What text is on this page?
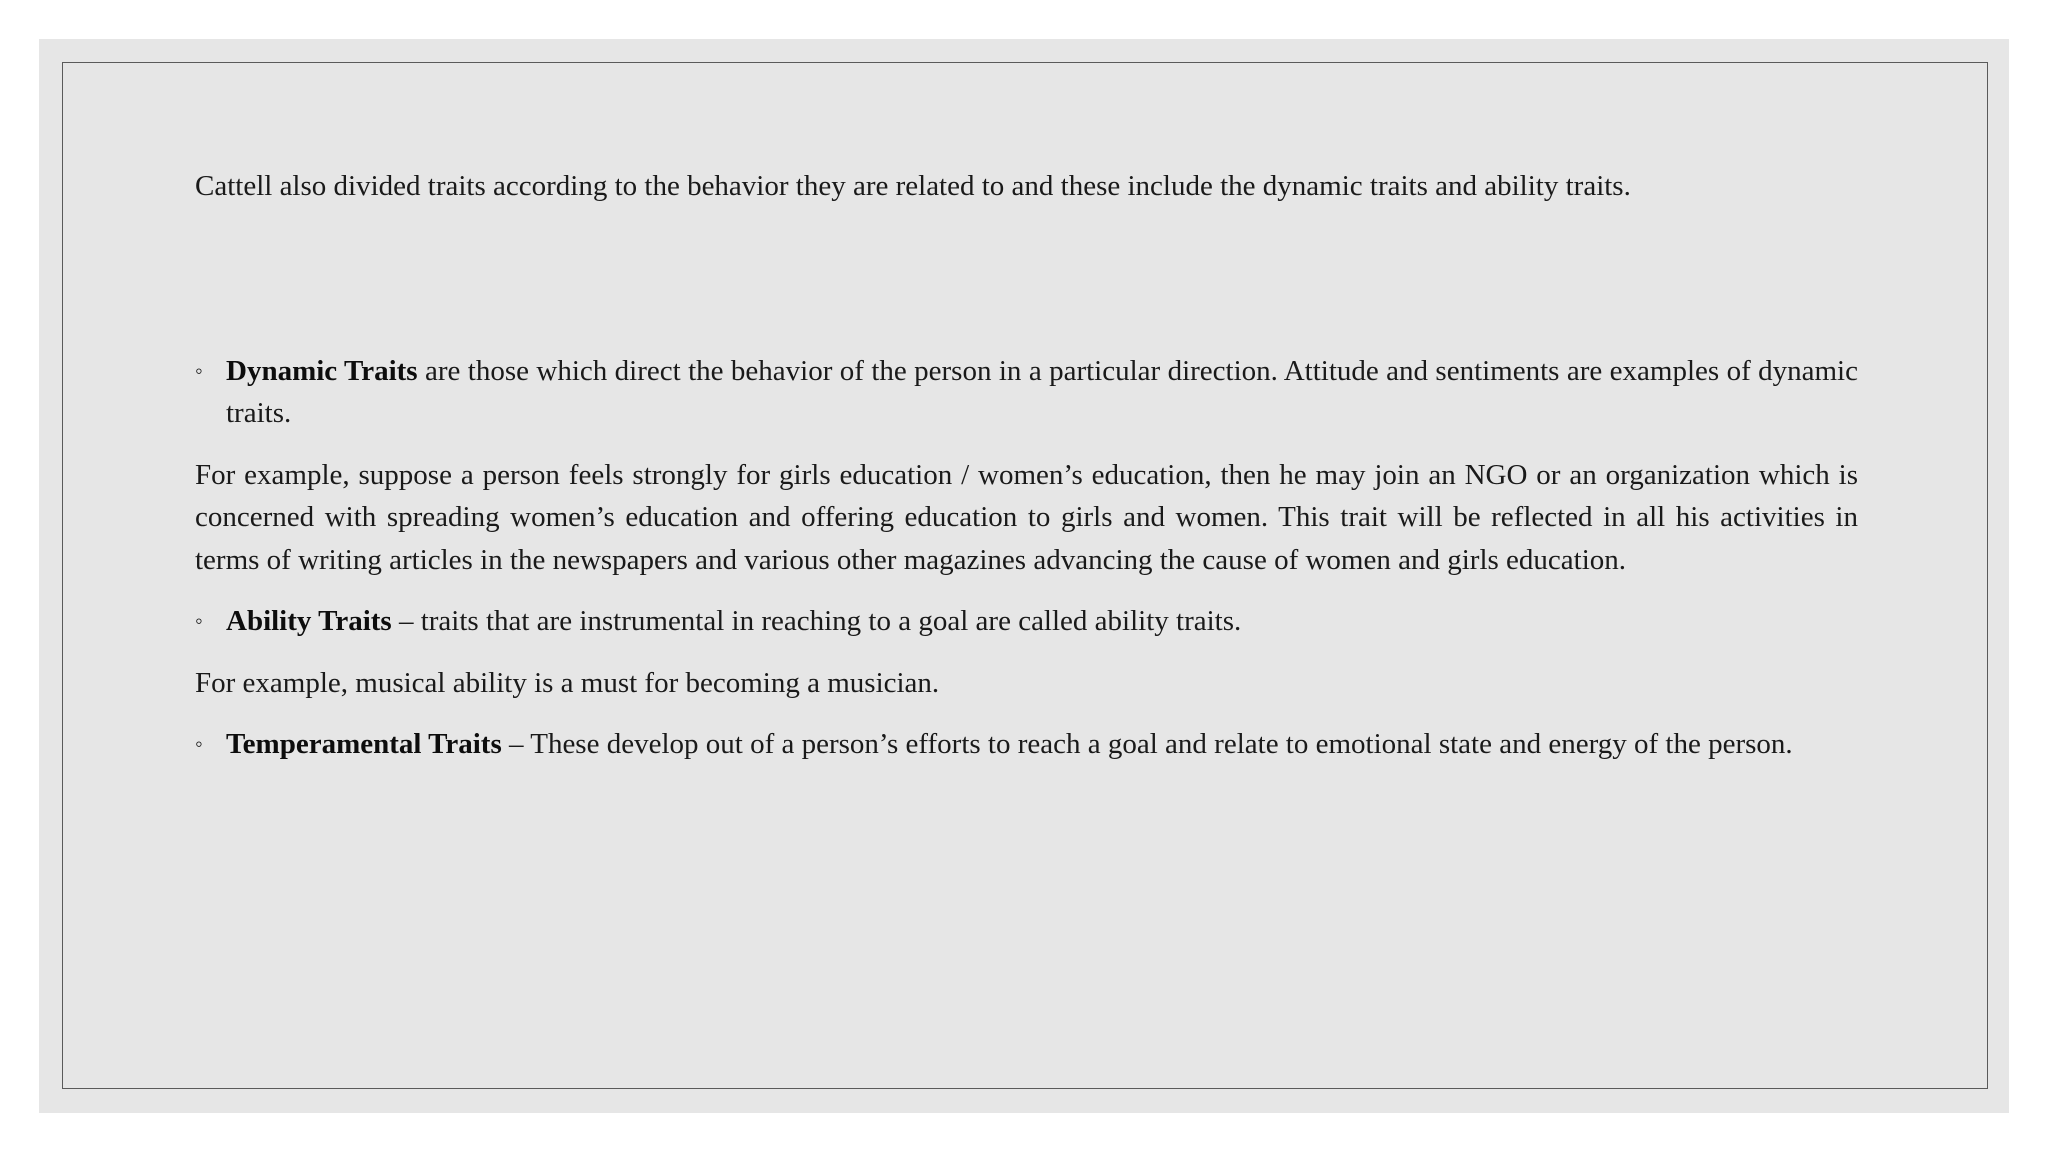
Cattell also divided traits according to the behavior they are related to and these include the dynamic traits and ability traits.

◦ Dynamic Traits are those which direct the behavior of the person in a particular direction. Attitude and sentiments are examples of dynamic traits.

For example, suppose a person feels strongly for girls education / women’s education, then he may join an NGO or an organization which is concerned with spreading women’s education and offering education to girls and women. This trait will be reflected in all his activities in terms of writing articles in the newspapers and various other magazines advancing the cause of women and girls education.

◦ Ability Traits – traits that are instrumental in reaching to a goal are called ability traits.

For example, musical ability is a must for becoming a musician.

◦ Temperamental Traits – These develop out of a person’s efforts to reach a goal and relate to emotional state and energy of the person.
